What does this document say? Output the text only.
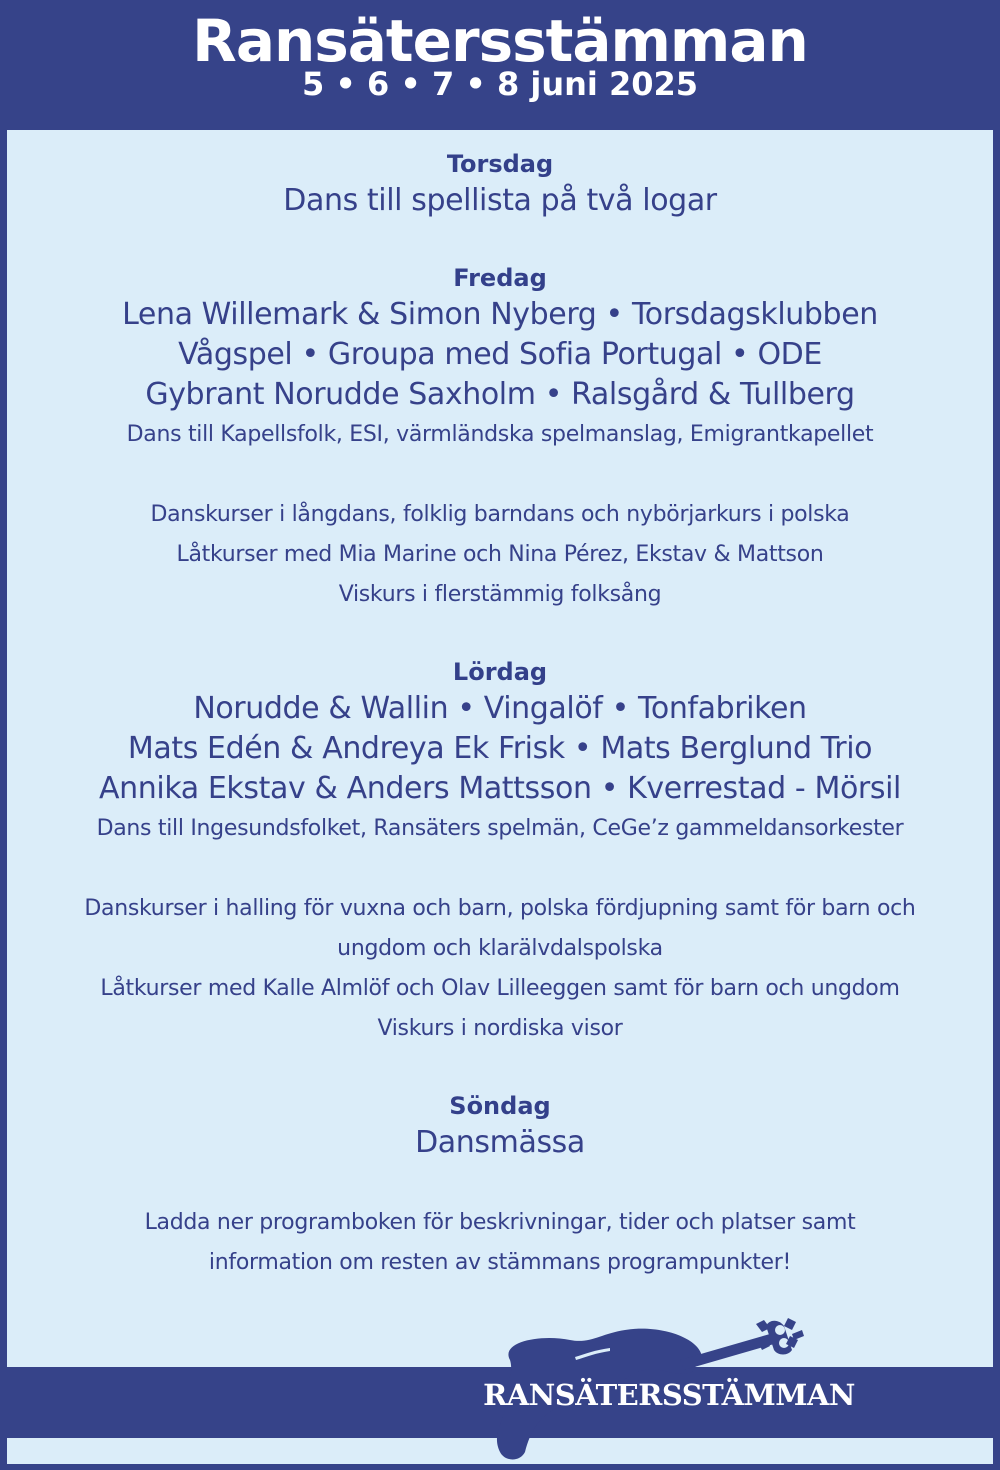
Ransätersstämman
5 • 6 • 7 • 8 juni 2025
Torsdag
Dans till spellista på två logar
Fredag
Lena Willemark & Simon Nyberg • Torsdagsklubben
Vågspel • Groupa med Sofia Portugal • ODE
Gybrant Norudde Saxholm • Ralsgård & Tullberg
Dans till Kapellsfolk, ESI, värmländska spelmanslag, Emigrantkapellet
Danskurser i långdans, folklig barndans och nybörjarkurs i polska
Låtkurser med Mia Marine och Nina Pérez, Ekstav & Mattson
Viskurs i flerstämmig folksång
Lördag
Norudde & Wallin • Vingalöf • Tonfabriken
Mats Edén & Andreya Ek Frisk • Mats Berglund Trio
Annika Ekstav & Anders Mattsson • Kverrestad - Mörsil
Dans till Ingesundsfolket, Ransäters spelmän, CeGe’z gammeldansorkester
Danskurser i halling för vuxna och barn, polska fördjupning samt för barn och
ungdom och klarälvdalspolska
Låtkurser med Kalle Almlöf och Olav Lilleeggen samt för barn och ungdom
Viskurs i nordiska visor
Söndag
Dansmässa
Ladda ner programboken för beskrivningar, tider och platser samt
information om resten av stämmans programpunkter!
RANSÄTERSSTÄMMAN
